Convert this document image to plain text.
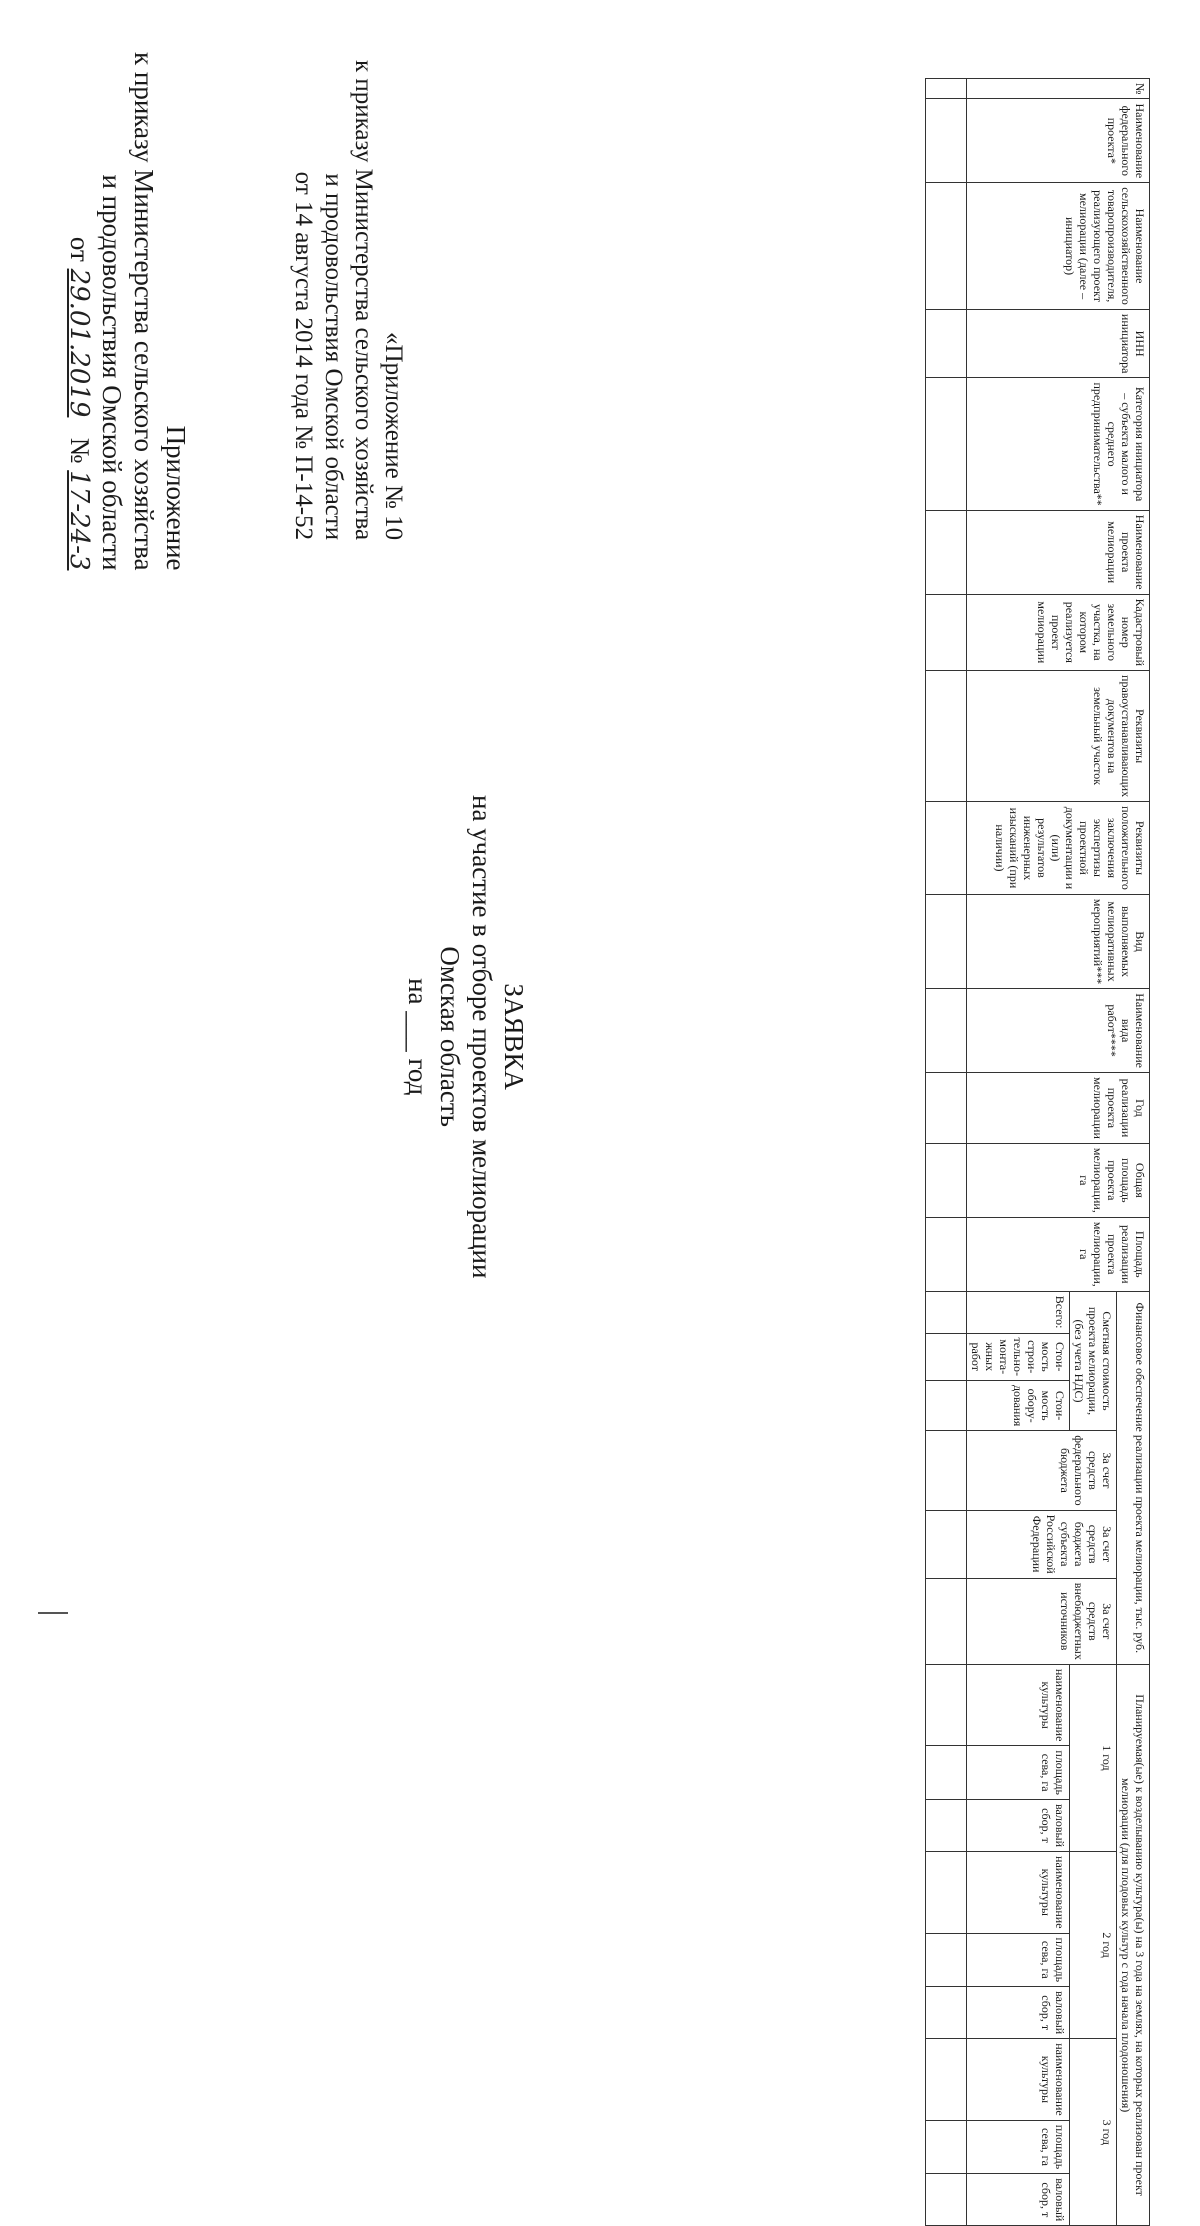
Приложение
к приказу Министерства сельского хозяйства
и продовольствия Омской области
от 29.01.2019   № 17-24-3	«Приложение № 10
к приказу Министерства сельского хозяйства
и продовольствия Омской области
от 14 августа 2014 года № П-14-52
ЗАЯВКА
на участие в отборе проектов мелиорации
Омская область
на ___ год
№	Наименование федерального проекта*	Наименование сельскохозяйственного товаропроизводителя, реализующего проект мелиорации (далее – инициатор)	ИНН инициатора	Категория инициатора – субъекта малого и среднего предпринимательства**	Наименование проекта мелиорации	Кадастровый номер земельного участка, на котором реализуется проект мелиорации	Реквизиты правоустанавливающих документов на земельный участок	Реквизиты положительного заключения экспертизы проектной документации и (или) результатов инженерных изысканий (при наличии)	Вид выполняемых мелиоративных мероприятий***	Наименование вида работ****	Год реализации проекта мелиорации	Общая площадь проекта мелиорации, га	Площадь реализации проекта мелиорации, га	Финансовое обеспечение реализации проекта мелиорации, тыс. руб.						Планируемая(ые) к возделыванию культура(ы) на 3 года на землях, на которых реализован проект мелиорации (для плодовых культур с года начала плодоношения)								
														Сметная стоимость проекта мелиорации, (без учета НДС)			За счет средств федерального бюджета	За счет средств бюджета субъекта Российской Федерации	За счет средств внебюджетных источников	1 год			2 год			3 год		
														Всего:	Стои-мость строи-тельно-монта-жных работ	Стои-мость обору-дования				наименование культуры	площадь сева, га	валовый сбор, т	наименование культуры	площадь сева, га	валовый сбор, т	наименование культуры	площадь сева, га	валовый сбор, т
